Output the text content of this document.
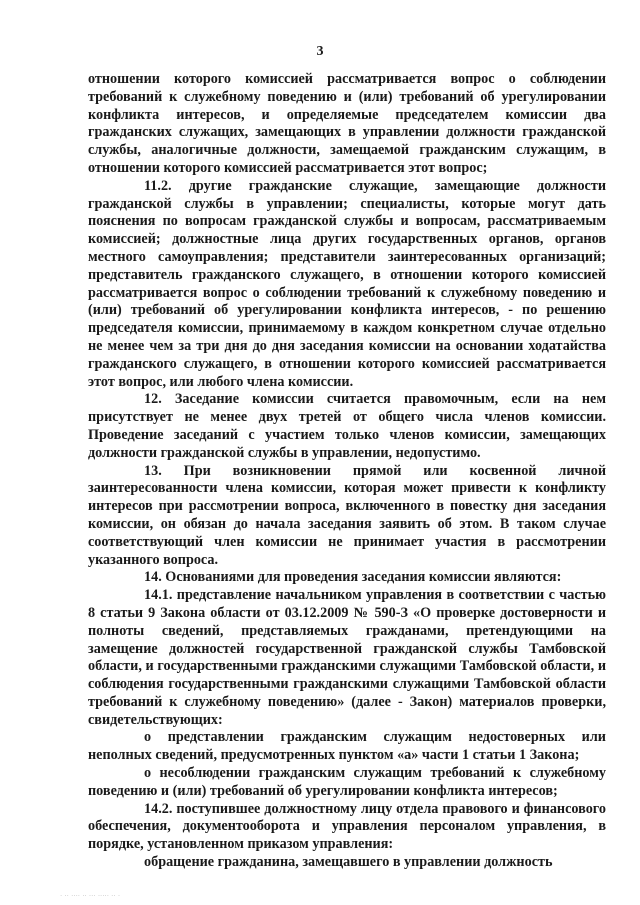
3

отношении которого комиссией рассматривается вопрос о соблюдении требований к служебному поведению и (или) требований об урегулировании конфликта интересов, и определяемые председателем комиссии два гражданских служащих, замещающих в управлении должности гражданской службы, аналогичные должности, замещаемой гражданским служащим, в отношении которого комиссией рассматривается этот вопрос;

11.2. другие гражданские служащие, замещающие должности гражданской службы в управлении; специалисты, которые могут дать пояснения по вопросам гражданской службы и вопросам, рассматриваемым комиссией; должностные лица других государственных органов, органов местного самоуправления; представители заинтересованных организаций; представитель гражданского служащего, в отношении которого комиссией рассматривается вопрос о соблюдении требований к служебному поведению и (или) требований об урегулировании конфликта интересов, - по решению председателя комиссии, принимаемому в каждом конкретном случае отдельно не менее чем за три дня до дня заседания комиссии на основании ходатайства гражданского служащего, в отношении которого комиссией рассматривается этот вопрос, или любого члена комиссии.

12. Заседание комиссии считается правомочным, если на нем присутствует не менее двух третей от общего числа членов комиссии. Проведение заседаний с участием только членов комиссии, замещающих должности гражданской службы в управлении, недопустимо.

13. При возникновении прямой или косвенной личной заинтересованности члена комиссии, которая может привести к конфликту интересов при рассмотрении вопроса, включенного в повестку дня заседания комиссии, он обязан до начала заседания заявить об этом. В таком случае соответствующий член комиссии не принимает участия в рассмотрении указанного вопроса.

14. Основаниями для проведения заседания комиссии являются:

14.1. представление начальником управления в соответствии с частью 8 статьи 9 Закона области от 03.12.2009 № 590-З «О проверке достоверности и полноты сведений, представляемых гражданами, претендующими на замещение должностей государственной гражданской службы Тамбовской области, и государственными гражданскими служащими Тамбовской области, и соблюдения государственными гражданскими служащими Тамбовской области требований к служебному поведению» (далее - Закон) материалов проверки, свидетельствующих:

о представлении гражданским служащим недостоверных или неполных сведений, предусмотренных пунктом «а» части 1 статьи 1 Закона;

о несоблюдении гражданским служащим требований к служебному поведению и (или) требований об урегулировании конфликта интересов;

14.2. поступившее должностному лицу отдела правового и финансового обеспечения, документооборота и управления персоналом управления, в порядке, установленном приказом управления:

обращение гражданина, замещавшего в управлении должность

· ·· ···· ·· ··· ····· ·· ·
